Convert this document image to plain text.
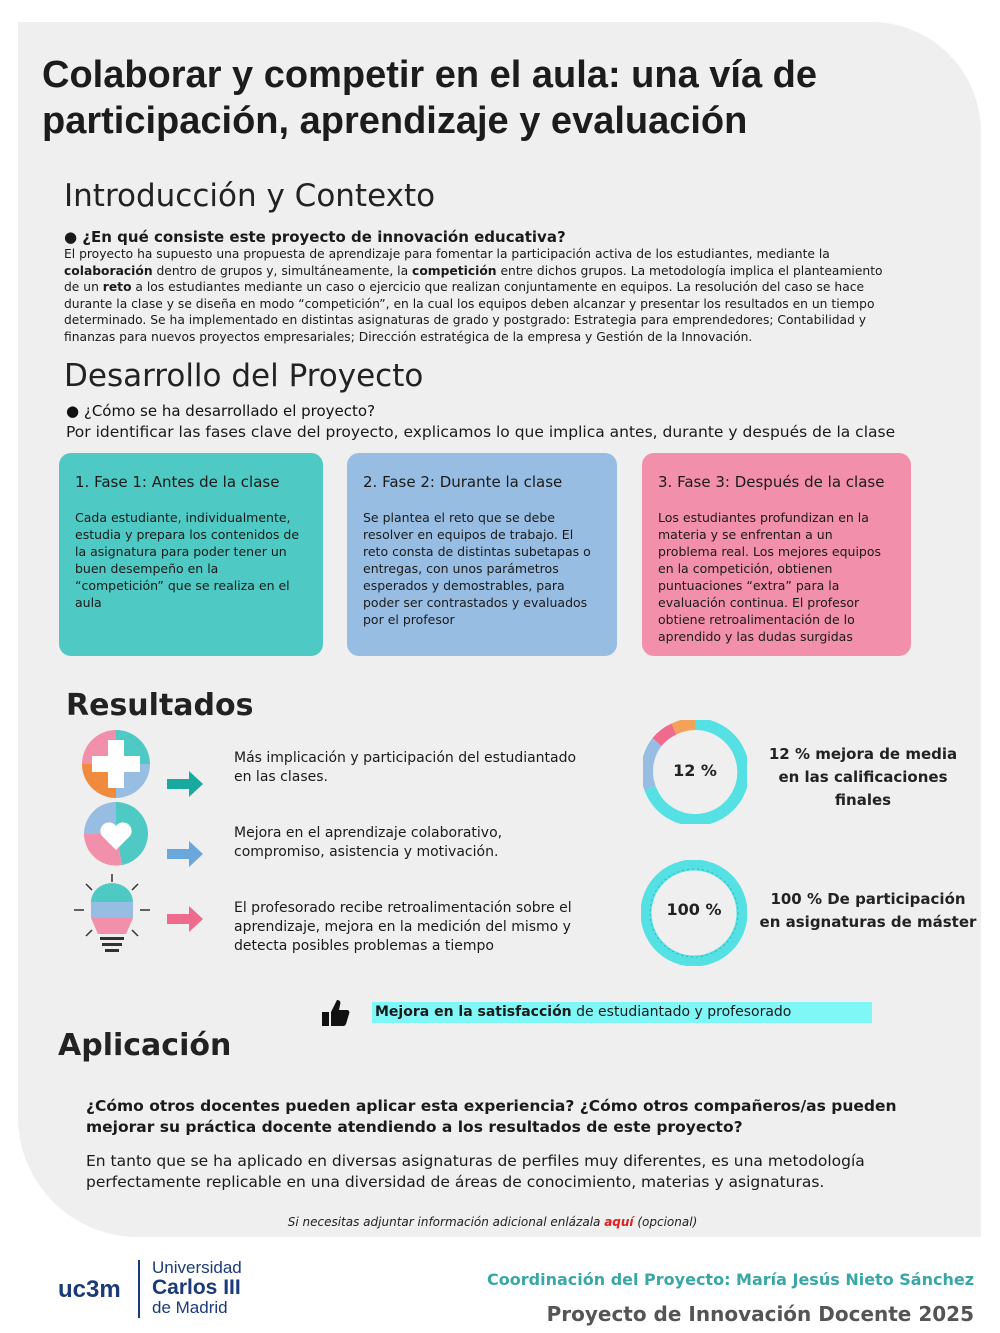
Colaborar y competir en el aula: una vía de participación, aprendizaje y evaluación
Introducción y Contexto
● ¿En qué consiste este proyecto de innovación educativa?

El proyecto ha supuesto una propuesta de aprendizaje para fomentar la participación activa de los estudiantes, mediante la colaboración dentro de grupos y, simultáneamente, la competición entre dichos grupos. La metodología implica el planteamiento de un reto a los estudiantes mediante un caso o ejercicio que realizan conjuntamente en equipos. La resolución del caso se hace durante la clase y se diseña en modo “competición”, en la cual los equipos deben alcanzar y presentar los resultados en un tiempo determinado. Se ha implementado en distintas asignaturas de grado y postgrado: Estrategia para emprendedores; Contabilidad y finanzas para nuevos proyectos empresariales; Dirección estratégica de la empresa y Gestión de la Innovación.

Desarrollo del Proyecto
● ¿Cómo se ha desarrollado el proyecto?

Por identificar las fases clave del proyecto, explicamos lo que implica antes, durante y después de la clase

1. Fase 1: Antes de la clase

Cada estudiante, individualmente, estudia y prepara los contenidos de la asignatura para poder tener un buen desempeño en la “competición” que se realiza en el aula

2. Fase 2: Durante la clase

Se plantea el reto que se debe resolver en equipos de trabajo. El reto consta de distintas subetapas o entregas, con unos parámetros esperados y demostrables, para poder ser contrastados y evaluados por el profesor

3. Fase 3: Después de la clase

Los estudiantes profundizan en la materia y se enfrentan a un problema real. Los mejores equipos en la competición, obtienen puntuaciones “extra” para la evaluación continua. El profesor obtiene retroalimentación de lo aprendido y las dudas surgidas

Resultados

Más implicación y participación del estudiantado en las clases.

Mejora en el aprendizaje colaborativo, compromiso, asistencia y motivación.

El profesorado recibe retroalimentación sobre el aprendizaje, mejora en la medición del mismo y detecta posibles problemas a tiempo

12 %

12 % mejora de media en las calificaciones finales

100 %

100 % De participación en asignaturas de máster

Mejora en la satisfacción de estudiantado y profesorado
Aplicación

¿Cómo otros docentes pueden aplicar esta experiencia? ¿Cómo otros compañeros/as pueden mejorar su práctica docente atendiendo a los resultados de este proyecto?

En tanto que se ha aplicado en diversas asignaturas de perfiles muy diferentes, es una metodología perfectamente replicable en una diversidad de áreas de conocimiento, materias y asignaturas.

Si necesitas adjuntar información adicional enlázala aquí (opcional)
uc3m
Universidad
Carlos III
de Madrid
Coordinación del Proyecto: María Jesús Nieto Sánchez
Proyecto de Innovación Docente 2025
